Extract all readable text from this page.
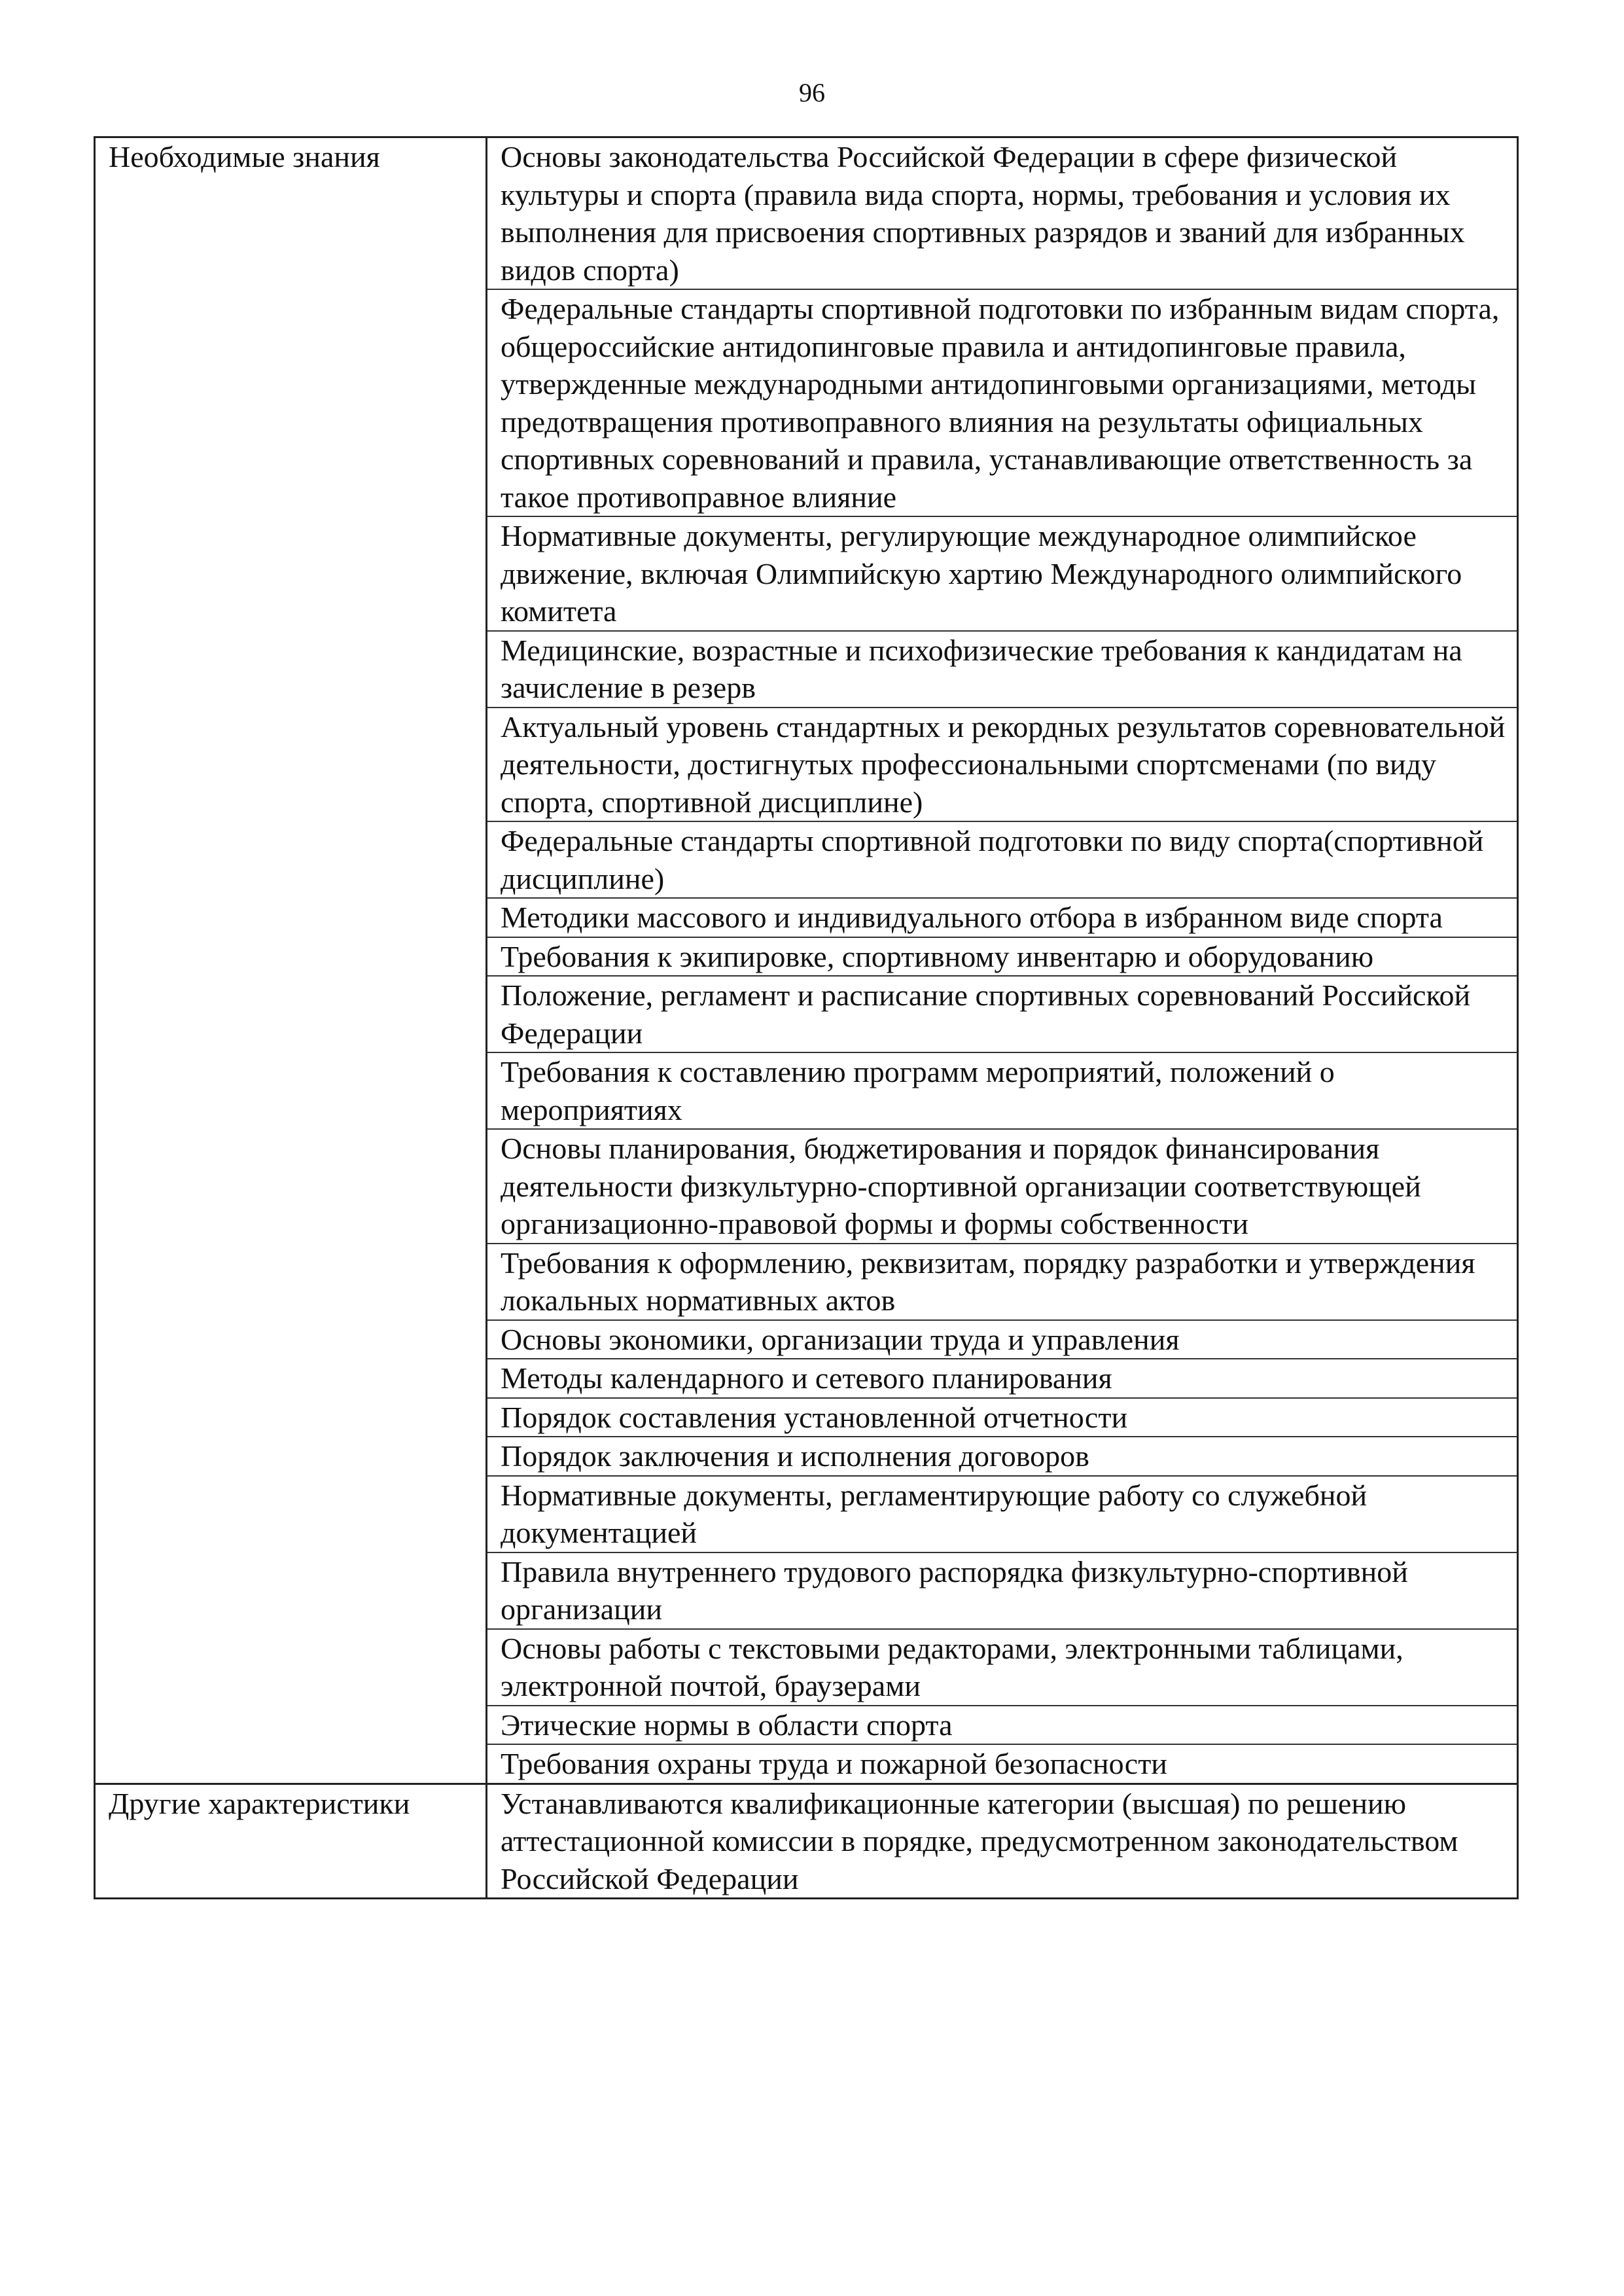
96
Необходимые знания	Основы законодательства Российской Федерации в сфере физической культуры и спорта (правила вида спорта, нормы, требования и условия их выполнения для присвоения спортивных разрядов и званий для избранных видов спорта)
	Федеральные стандарты спортивной подготовки по избранным видам спорта, общероссийские антидопинговые правила и антидопинговые правила, утвержденные международными антидопинговыми организациями, методы предотвращения противоправного влияния на результаты официальных спортивных соревнований и правила, устанавливающие ответственность за такое противоправное влияние
	Нормативные документы, регулирующие международное олимпийское движение, включая Олимпийскую хартию Международного олимпийского комитета
	Медицинские, возрастные и психофизические требования к кандидатам на зачисление в резерв
	Актуальный уровень стандартных и рекордных результатов соревновательной деятельности, достигнутых профессиональными спортсменами (по виду спорта, спортивной дисциплине)
	Федеральные стандарты спортивной подготовки по виду спорта(спортивной дисциплине)
	Методики массового и индивидуального отбора в избранном виде спорта
	Требования к экипировке, спортивному инвентарю и оборудованию
	Положение, регламент и расписание спортивных соревнований Российской Федерации
	Требования к составлению программ мероприятий, положений о мероприятиях
	Основы планирования, бюджетирования и порядок финансирования деятельности физкультурно-спортивной организации соответствующей организационно-правовой формы и формы собственности
	Требования к оформлению, реквизитам, порядку разработки и утверждения локальных нормативных актов
	Основы экономики, организации труда и управления
	Методы календарного и сетевого планирования
	Порядок составления установленной отчетности
	Порядок заключения и исполнения договоров
	Нормативные документы, регламентирующие работу со служебной документацией
	Правила внутреннего трудового распорядка физкультурно-спортивной организации
	Основы работы с текстовыми редакторами, электронными таблицами, электронной почтой, браузерами
	Этические нормы в области спорта
	Требования охраны труда и пожарной безопасности
Другие характеристики	Устанавливаются квалификационные категории (высшая) по решению аттестационной комиссии в порядке, предусмотренном законодательством Российской Федерации
